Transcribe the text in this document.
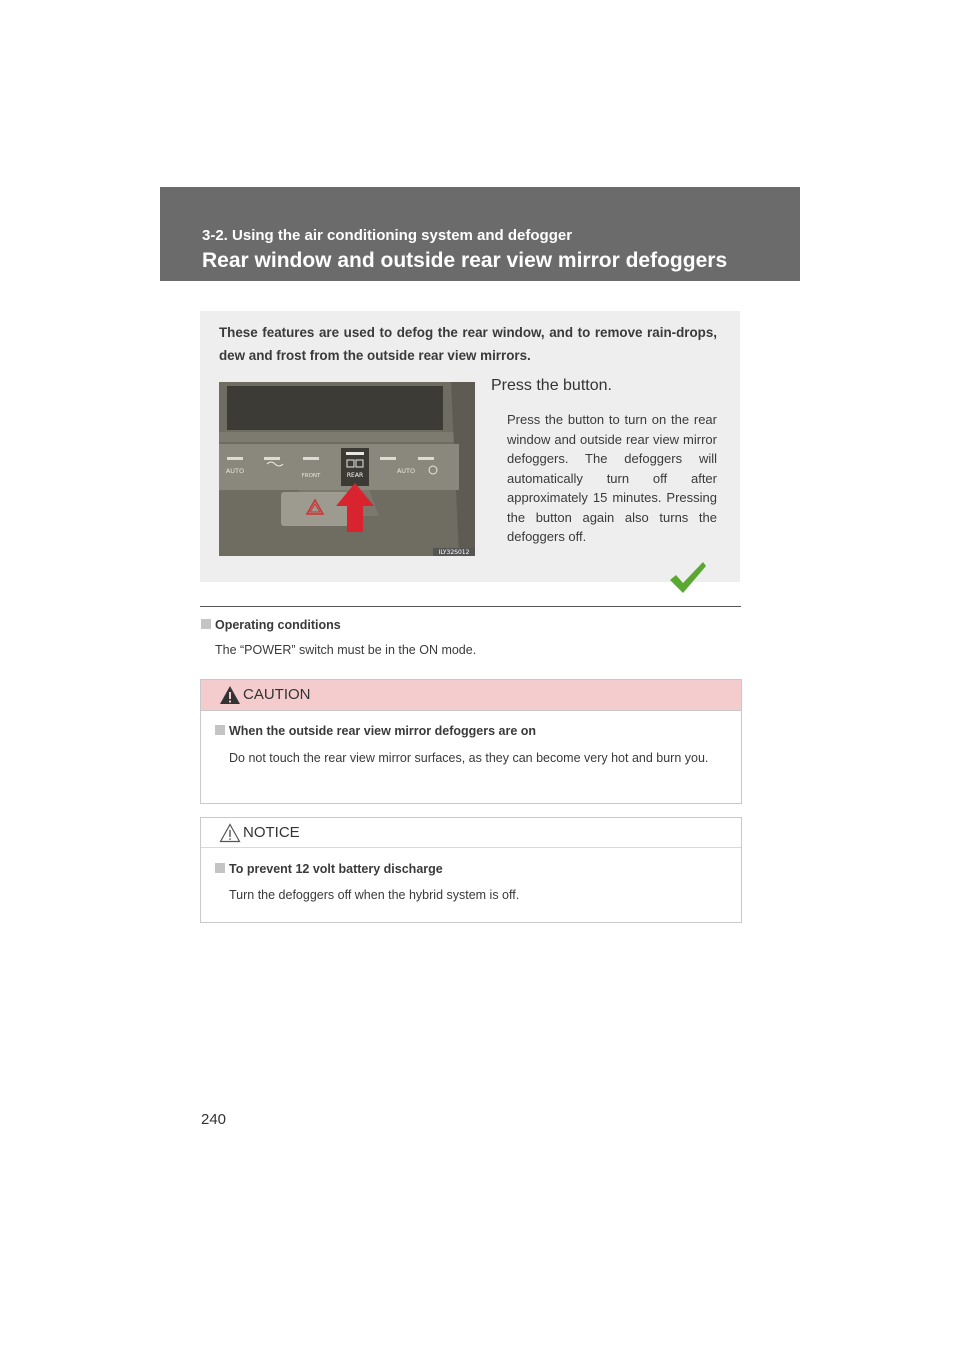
3-2. Using the air conditioning system and defogger
Rear window and outside rear view mirror defoggers
These features are used to defog the rear window, and to remove rain-drops, dew and frost from the outside rear view mirrors.
REAR
AUTO
FRONT
AUTO
ILY32S012
Press the button.
Press the button to turn on the rear window and outside rear view mirror defoggers. The defoggers will automatically turn off after approximately 15 minutes. Pressing the button again also turns the defoggers off.
Operating conditions
The “POWER” switch must be in the ON mode.
CAUTION
When the outside rear view mirror defoggers are on
Do not touch the rear view mirror surfaces, as they can become very hot and burn you.
NOTICE
To prevent 12 volt battery discharge
Turn the defoggers off when the hybrid system is off.
240
